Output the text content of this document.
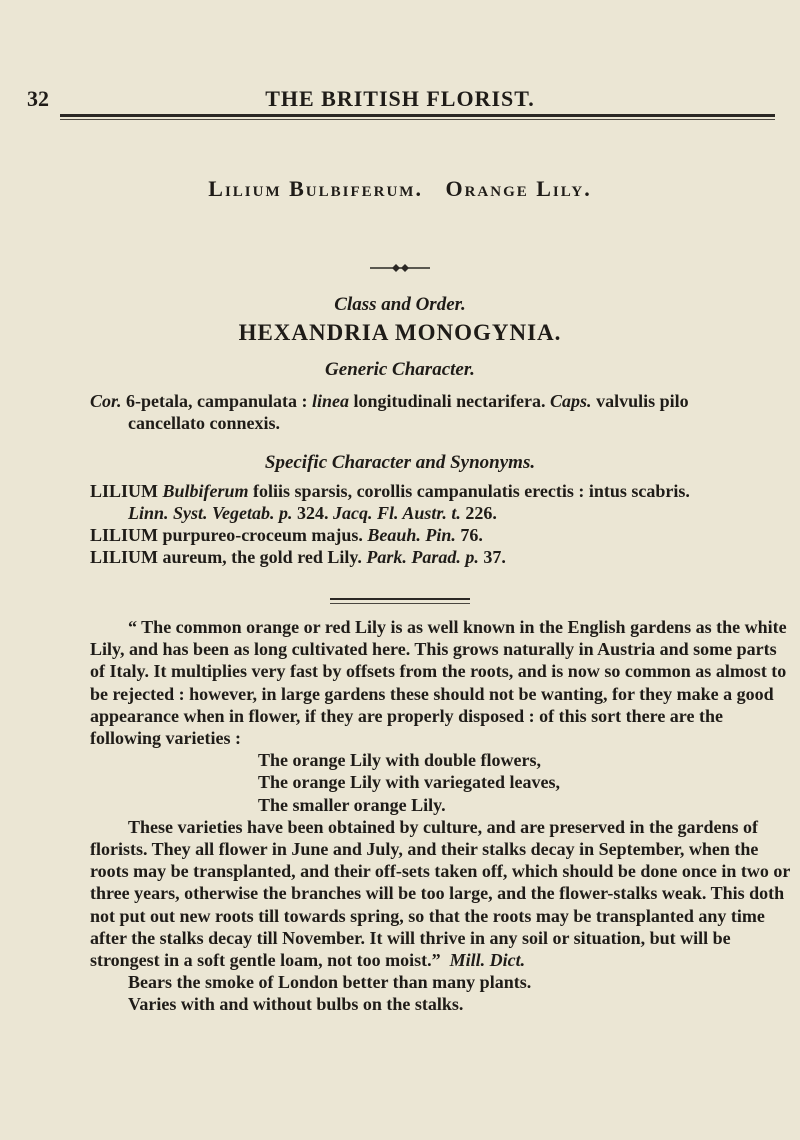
32	THE BRITISH FLORIST.
Lilium Bulbiferum.   Orange Lily.
Class and Order.
HEXANDRIA MONOGYNIA.
Generic Character.
Cor. 6-petala, campanulata : linea longitudinali nectarifera. Caps. valvulis pilo
cancellato connexis.
Specific Character and Synonyms.
LILIUM Bulbiferum foliis sparsis, corollis campanulatis erectis : intus scabris.
Linn. Syst. Vegetab. p. 324. Jacq. Fl. Austr. t. 226.
LILIUM purpureo-croceum majus. Beauh. Pin. 76.
LILIUM aureum, the gold red Lily. Park. Parad. p. 37.

“ The common orange or red Lily is as well known in the English gardens as the white Lily, and has been as long cultivated here. This grows naturally in Austria and some parts of Italy. It multiplies very fast by offsets from the roots, and is now so common as almost to be rejected : however, in large gardens these should not be wanting, for they make a good appearance when in flower, if they are properly disposed : of this sort there are the following varieties :

The orange Lily with double flowers,

The orange Lily with variegated leaves,

The smaller orange Lily.

These varieties have been obtained by culture, and are preserved in the gardens of florists. They all flower in June and July, and their stalks decay in September, when the roots may be transplanted, and their off-sets taken off, which should be done once in two or three years, otherwise the branches will be too large, and the flower-stalks weak. This doth not put out new roots till towards spring, so that the roots may be transplanted any time after the stalks decay till November. It will thrive in any soil or situation, but will be strongest in a soft gentle loam, not too moist.” Mill. Dict.

Bears the smoke of London better than many plants.

Varies with and without bulbs on the stalks.
